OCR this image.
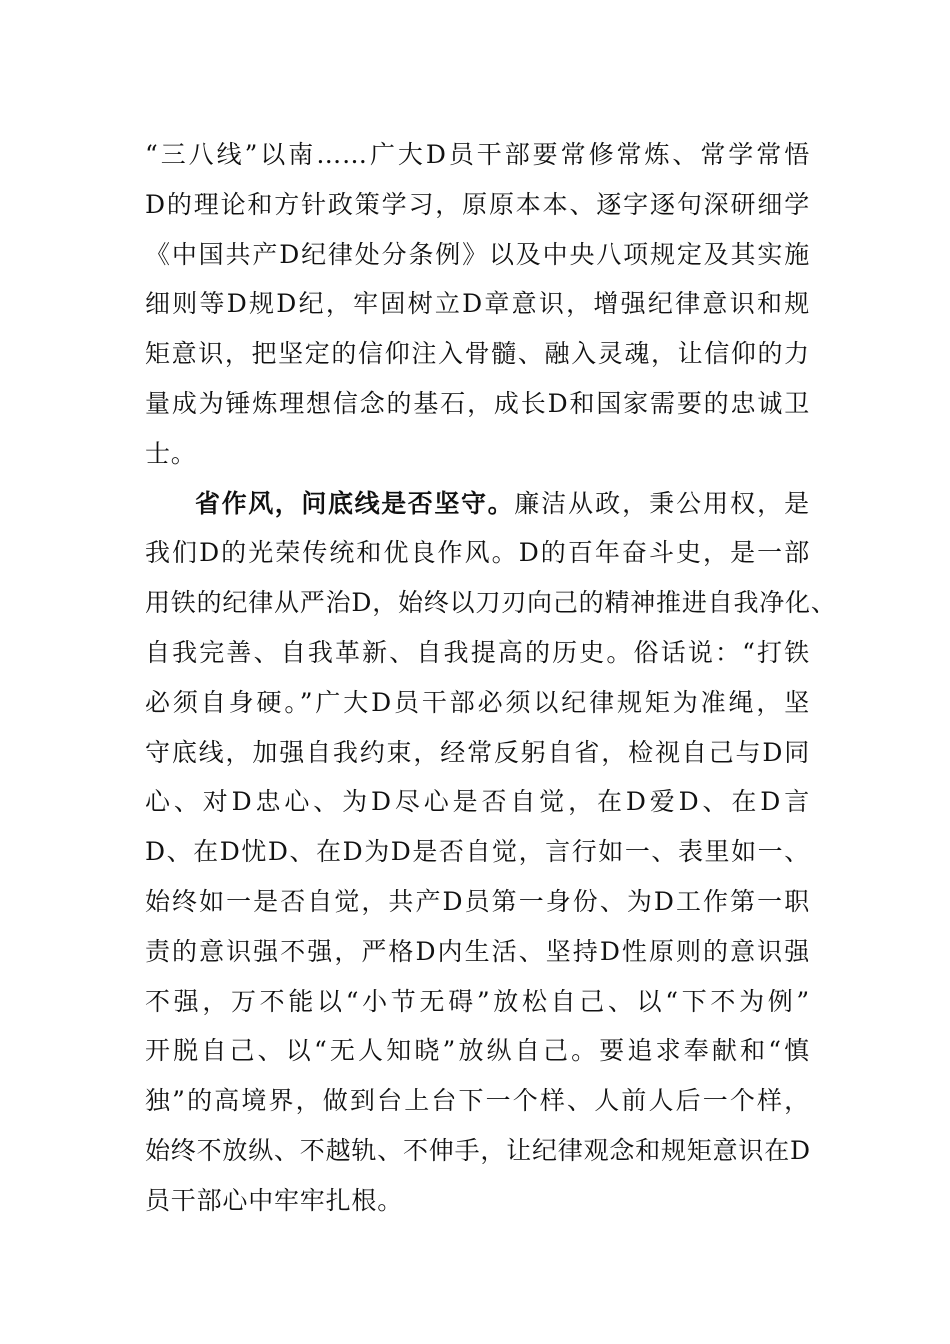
“三八线”以南……广大D员干部要常修常炼、常学常悟
D的理论和方针政策学习，原原本本、逐字逐句深研细学
《中国共产D纪律处分条例》以及中央八项规定及其实施
细则等D规D纪，牢固树立D章意识，增强纪律意识和规
矩意识，把坚定的信仰注入骨髓、融入灵魂，让信仰的力
量成为锤炼理想信念的基石，成长D和国家需要的忠诚卫
士。
省作风，问底线是否坚守。廉洁从政，秉公用权，是
我们D的光荣传统和优良作风。D的百年奋斗史，是一部
用铁的纪律从严治D，始终以刀刃向己的精神推进自我净化、
自我完善、自我革新、自我提高的历史。俗话说：“打铁
必须自身硬。”广大D员干部必须以纪律规矩为准绳，坚
守底线，加强自我约束，经常反躬自省，检视自己与D同
心、对D忠心、为D尽心是否自觉，在D爱D、在D言
D、在D忧D、在D为D是否自觉，言行如一、表里如一、
始终如一是否自觉，共产D员第一身份、为D工作第一职
责的意识强不强，严格D内生活、坚持D性原则的意识强
不强，万不能以“小节无碍”放松自己、以“下不为例”
开脱自己、以“无人知晓”放纵自己。要追求奉献和“慎
独”的高境界，做到台上台下一个样、人前人后一个样，
始终不放纵、不越轨、不伸手，让纪律观念和规矩意识在D
员干部心中牢牢扎根。
